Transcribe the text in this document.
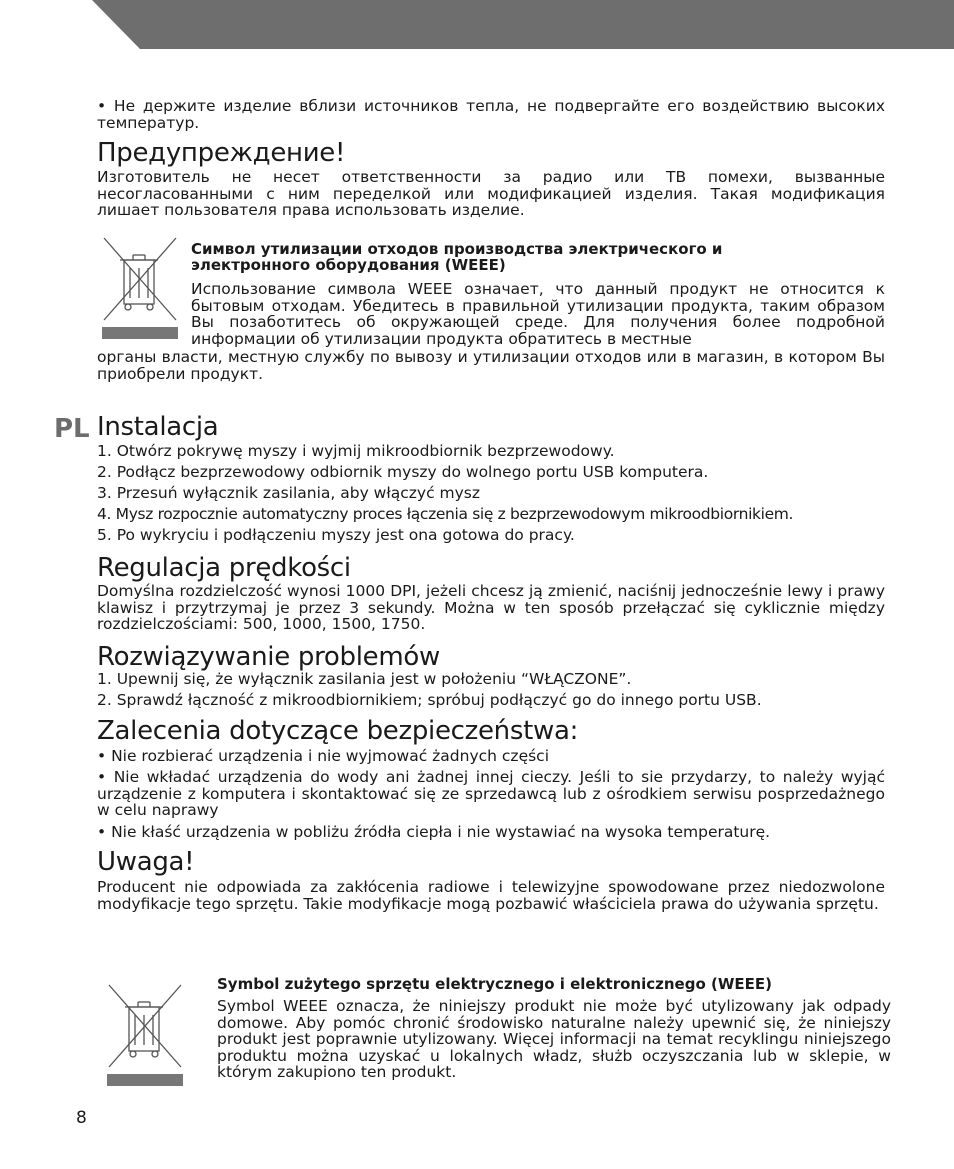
• Не держите изделие вблизи источников тепла, не подвергайте его воздействию высоких температур.
Предупреждение!
Изготовитель не несет ответственности за радио или ТВ помехи, вызванные несогласованными с ним переделкой или модификацией изделия. Такая модификация лишает пользователя права использовать изделие.
Символ утилизации отходов производства электрического и электронного оборудования (WEEE)
Использование символа WEEE означает, что данный продукт не относится к бытовым отходам. Убедитесь в правильной утилизации продукта, таким образом Вы позаботитесь об окружающей среде. Для получения более подробной информации об утилизации продукта обратитесь в местные
органы власти, местную службу по вывозу и утилизации отходов или в магазин, в котором Вы приобрели продукт.
PL Instalacja
1. Otwórz pokrywę myszy i wyjmij mikroodbiornik bezprzewodowy.
2. Podłącz bezprzewodowy odbiornik myszy do wolnego portu USB komputera.
3. Przesuń wyłącznik zasilania, aby włączyć mysz
4. Mysz rozpocznie automatyczny proces łączenia się z bezprzewodowym mikroodbiornikiem.
5. Po wykryciu i podłączeniu myszy jest ona gotowa do pracy.
Regulacja prędkości
Domyślna rozdzielczość wynosi 1000 DPI, jeżeli chcesz ją zmienić, naciśnij jednocześnie lewy i prawy klawisz i przytrzymaj je przez 3 sekundy. Można w ten sposób przełączać się cyklicznie między rozdzielczościami: 500, 1000, 1500, 1750.
Rozwiązywanie problemów
1. Upewnij się, że wyłącznik zasilania jest w położeniu “WŁĄCZONE”.
2. Sprawdź łączność z mikroodbiornikiem; spróbuj podłączyć go do innego portu USB.
Zalecenia dotyczące bezpieczeństwa:
• Nie rozbierać urządzenia i nie wyjmować żadnych części
• Nie wkładać urządzenia do wody ani żadnej innej cieczy. Jeśli to sie przydarzy, to należy wyjąć urządzenie z komputera i skontaktować się ze sprzedawcą lub z ośrodkiem serwisu posprzedażnego w celu naprawy
• Nie kłaść urządzenia w pobliżu źródła ciepła i nie wystawiać na wysoka temperaturę.
Uwaga!
Producent nie odpowiada za zakłócenia radiowe i telewizyjne spowodowane przez niedozwolone modyfikacje tego sprzętu. Takie modyfikacje mogą pozbawić właściciela prawa do używania sprzętu.
Symbol zużytego sprzętu elektrycznego i elektronicznego (WEEE)
Symbol WEEE oznacza, że niniejszy produkt nie może być utylizowany jak odpady domowe. Aby pomóc chronić środowisko naturalne należy upewnić się, że niniejszy produkt jest poprawnie utylizowany. Więcej informacji na temat recyklingu niniejszego produktu można uzyskać u lokalnych władz, służb oczyszczania lub w sklepie, w którym zakupiono ten produkt.
8
